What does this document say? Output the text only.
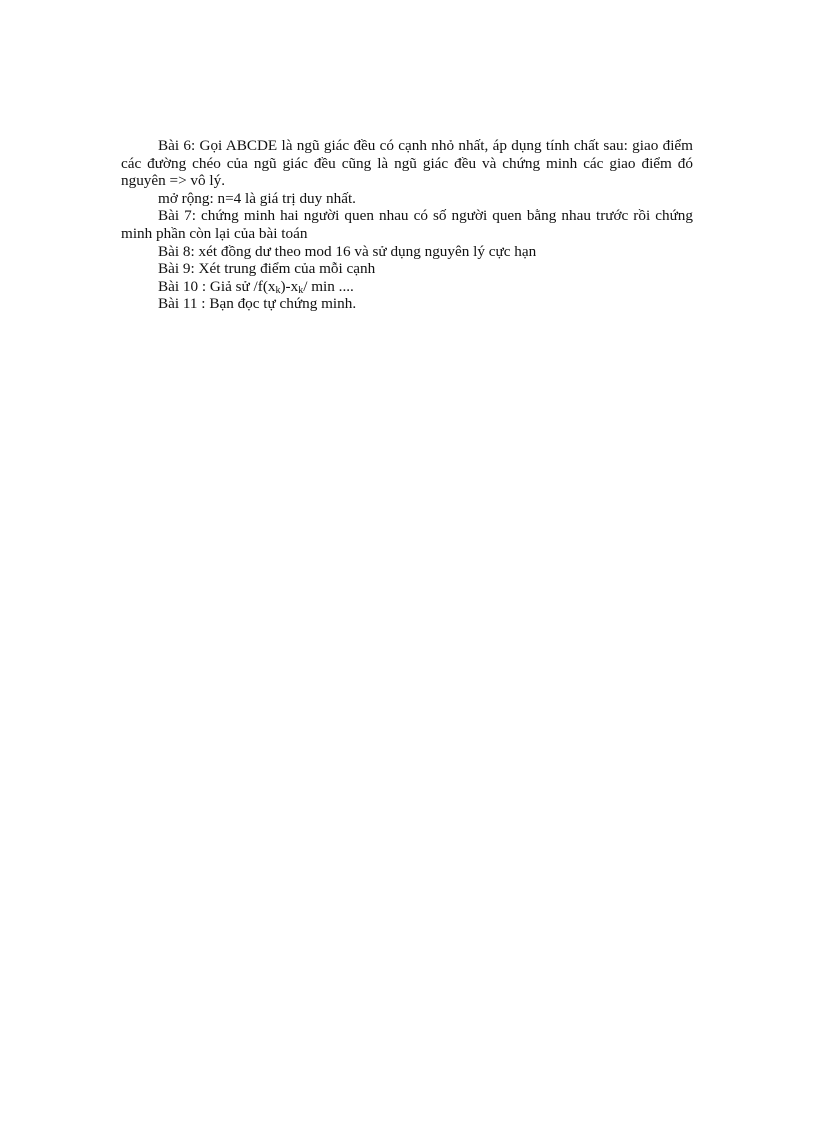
Bài 6: Gọi ABCDE là ngũ giác đều có cạnh nhỏ nhất, áp dụng tính chất sau: giao điểm các đường chéo của ngũ giác đều cũng là ngũ giác đều và chứng minh các giao điểm đó nguyên => vô lý.

mở rộng: n=4 là giá trị duy nhất.

Bài 7: chứng minh hai người quen nhau có số người quen bằng nhau trước rồi chứng minh phần còn lại của bài toán

Bài 8: xét đồng dư theo mod 16 và sử dụng nguyên lý cực hạn

Bài 9: Xét trung điểm của mỗi cạnh

Bài 10 : Giả sử $/f(x_k)-x_k/$ min ....

Bài 11 : Bạn đọc tự chứng minh.
